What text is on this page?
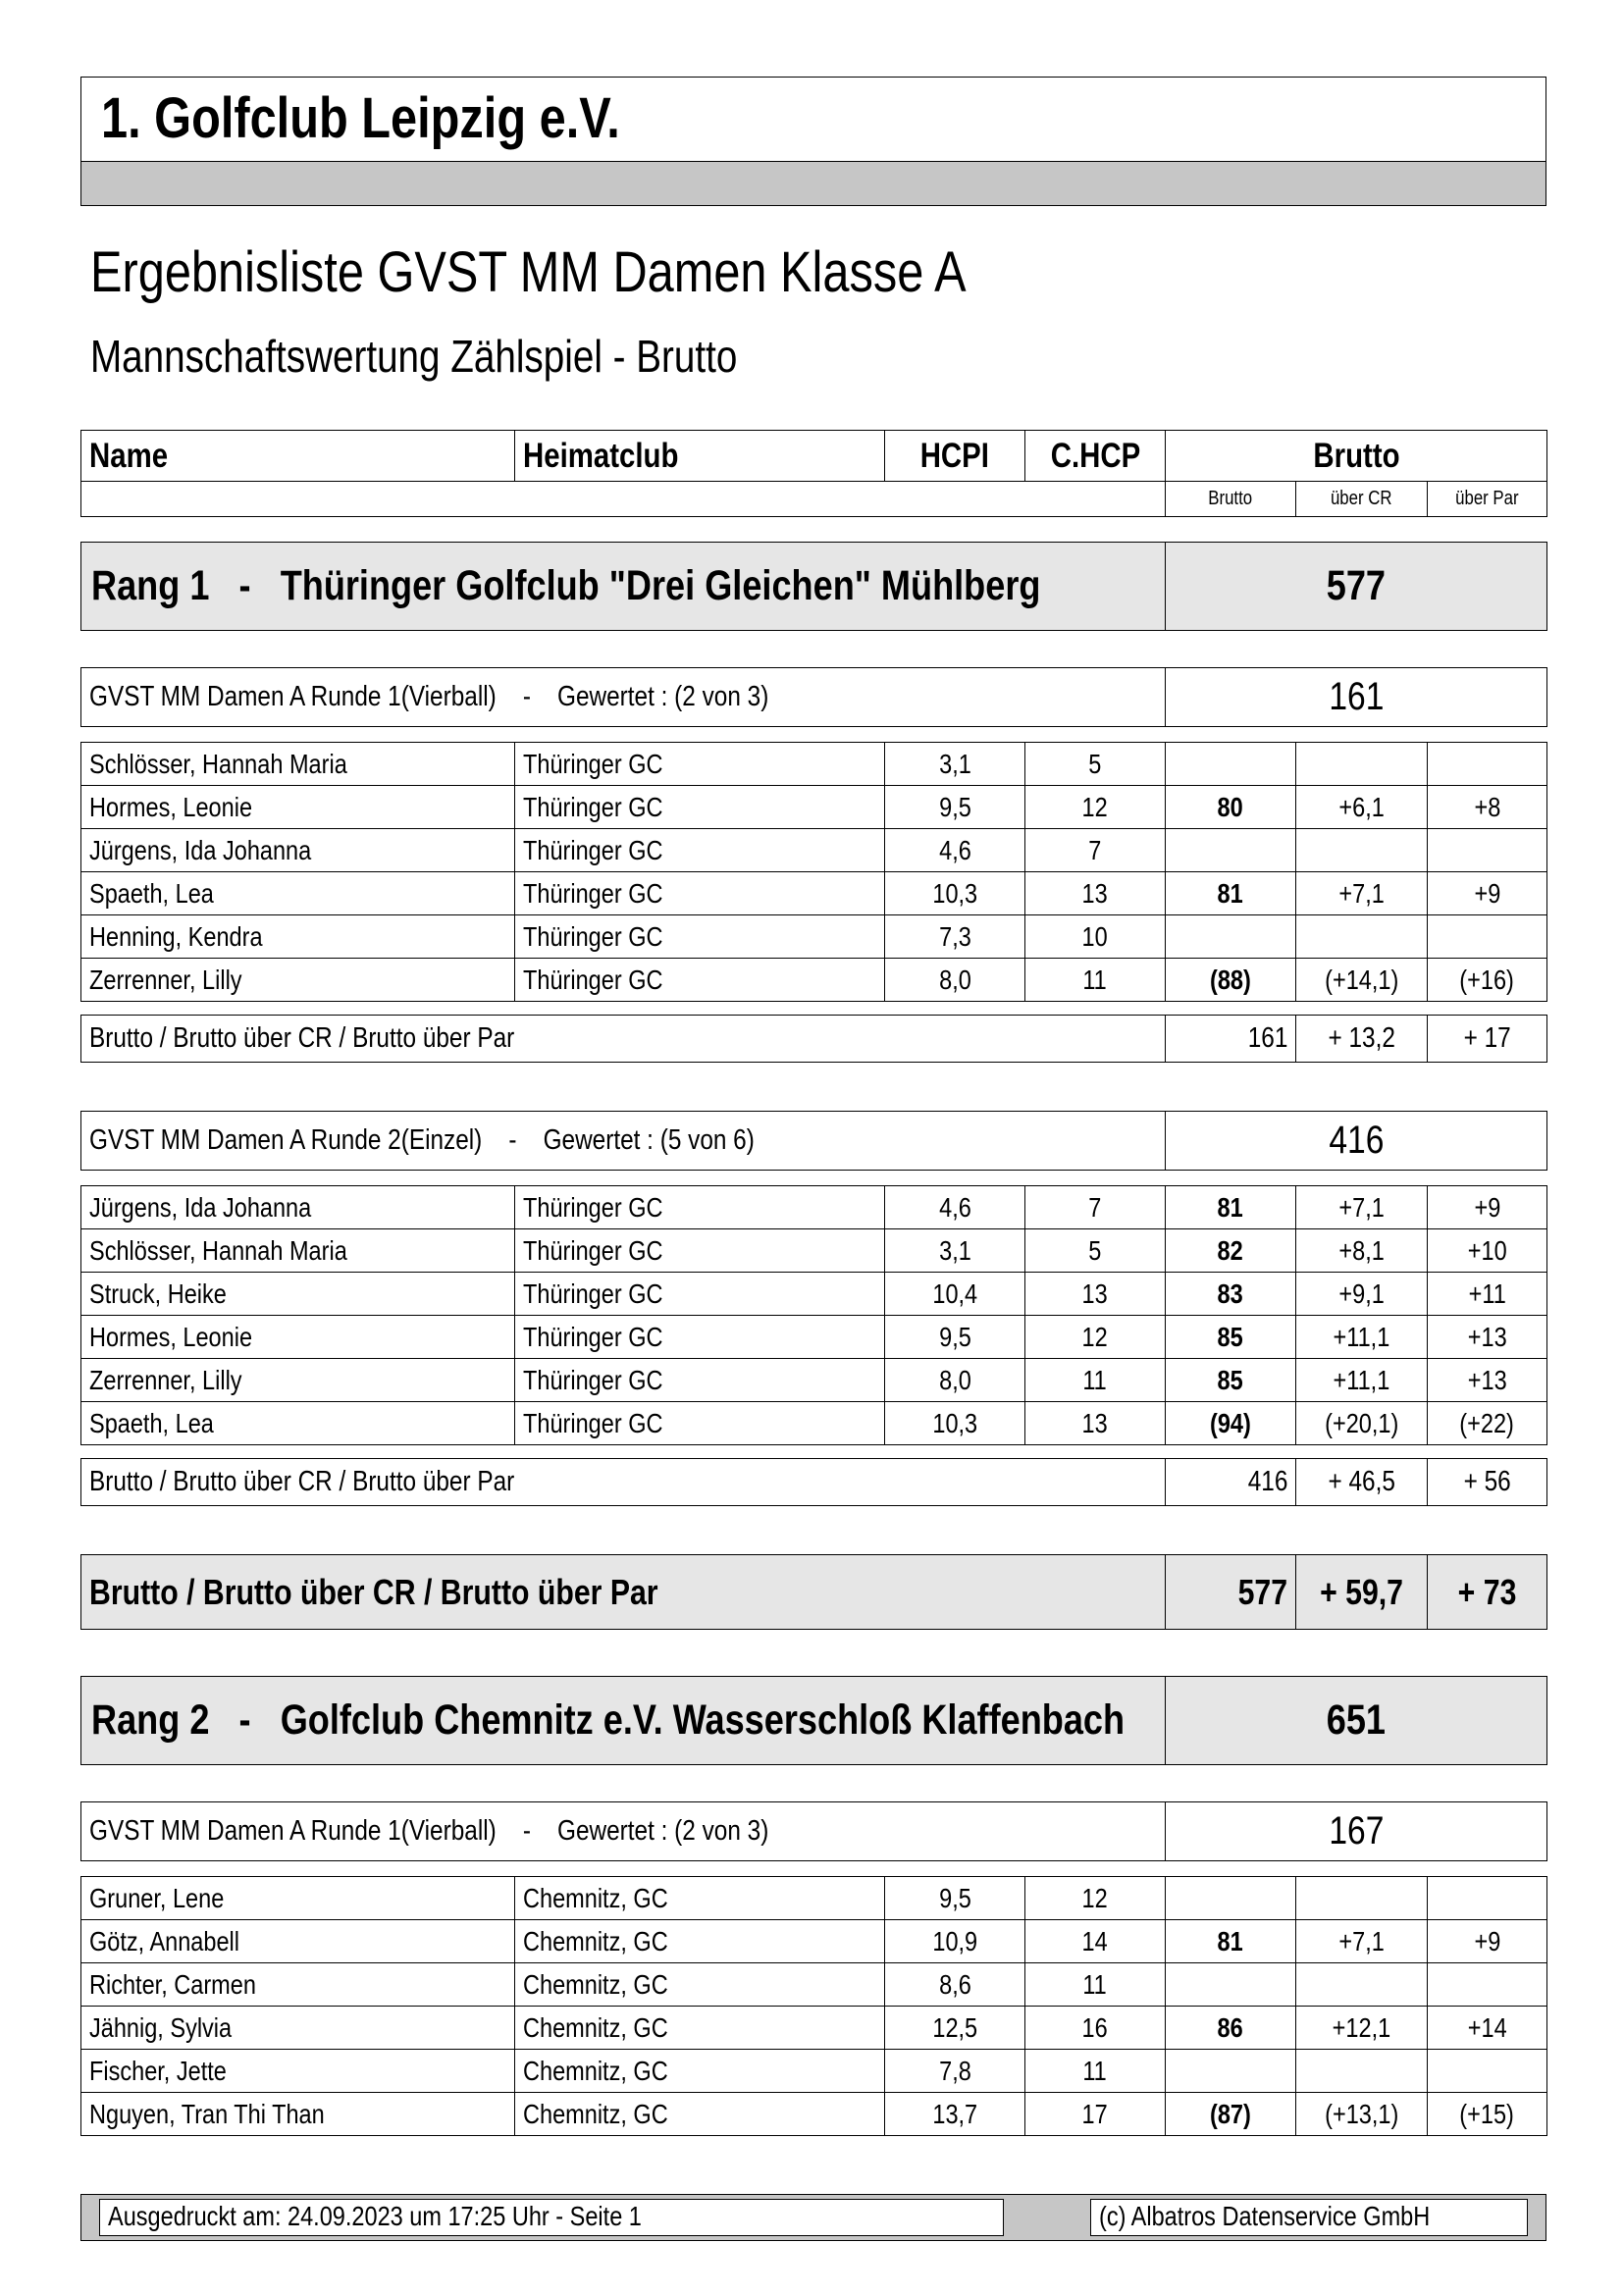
1. Golfclub Leipzig e.V.
Ergebnisliste GVST MM Damen Klasse A
Mannschaftswertung Zählspiel - Brutto
Name	Heimatclub	HCPI	C.HCP	Brutto		
				Brutto	über CR	über Par
Rang 1 - Thüringer Golfclub "Drei Gleichen" Mühlberg	577
GVST MM Damen A Runde 1(Vierball) - Gewertet : (2 von 3)	161
Schlösser, Hannah Maria	Thüringer GC	3,1	5			
Hormes, Leonie	Thüringer GC	9,5	12	80	+6,1	+8
Jürgens, Ida Johanna	Thüringer GC	4,6	7			
Spaeth, Lea	Thüringer GC	10,3	13	81	+7,1	+9
Henning, Kendra	Thüringer GC	7,3	10			
Zerrenner, Lilly	Thüringer GC	8,0	11	(88)	(+14,1)	(+16)
Brutto / Brutto über CR / Brutto über Par	161	+ 13,2	+ 17
GVST MM Damen A Runde 2(Einzel) - Gewertet : (5 von 6)	416
Jürgens, Ida Johanna	Thüringer GC	4,6	7	81	+7,1	+9
Schlösser, Hannah Maria	Thüringer GC	3,1	5	82	+8,1	+10
Struck, Heike	Thüringer GC	10,4	13	83	+9,1	+11
Hormes, Leonie	Thüringer GC	9,5	12	85	+11,1	+13
Zerrenner, Lilly	Thüringer GC	8,0	11	85	+11,1	+13
Spaeth, Lea	Thüringer GC	10,3	13	(94)	(+20,1)	(+22)
Brutto / Brutto über CR / Brutto über Par	416	+ 46,5	+ 56
Brutto / Brutto über CR / Brutto über Par	577	+ 59,7	+ 73
Rang 2 - Golfclub Chemnitz e.V. Wasserschloß Klaffenbach	651
GVST MM Damen A Runde 1(Vierball) - Gewertet : (2 von 3)	167
Gruner, Lene	Chemnitz, GC	9,5	12			
Götz, Annabell	Chemnitz, GC	10,9	14	81	+7,1	+9
Richter, Carmen	Chemnitz, GC	8,6	11			
Jähnig, Sylvia	Chemnitz, GC	12,5	16	86	+12,1	+14
Fischer, Jette	Chemnitz, GC	7,8	11			
Nguyen, Tran Thi Than	Chemnitz, GC	13,7	17	(87)	(+13,1)	(+15)
Ausgedruckt am: 24.09.2023 um 17:25 Uhr - Seite 1	(c) Albatros Datenservice GmbH
